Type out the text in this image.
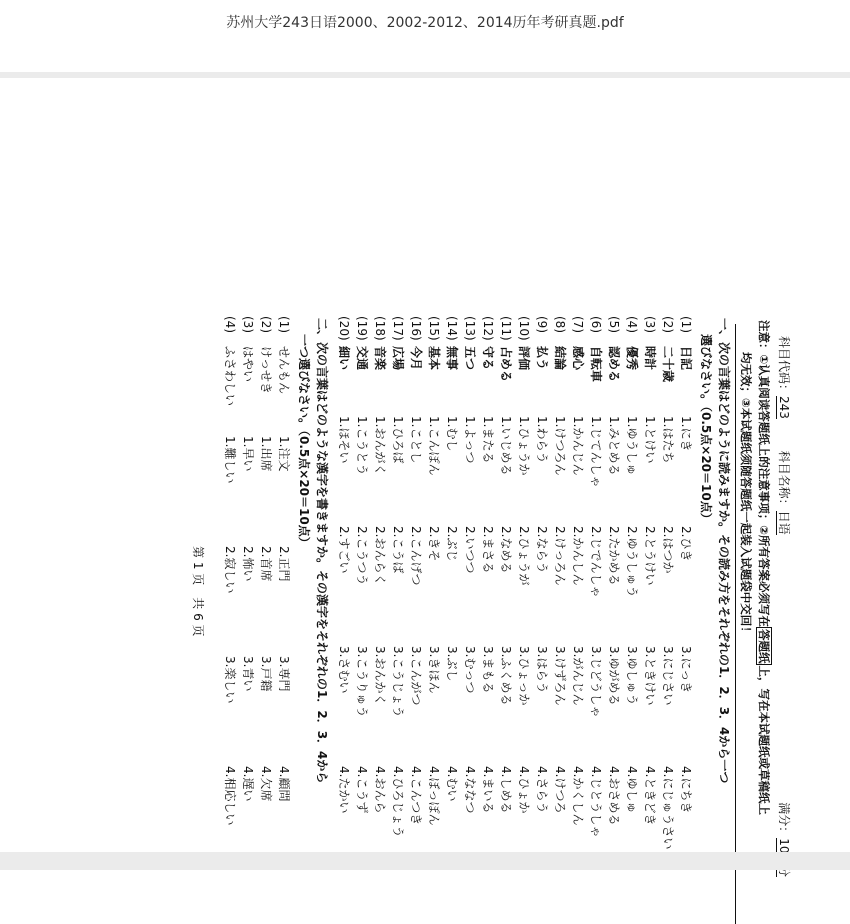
苏州大学243日语2000、2002-2012、2014历年考研真题.pdf
科目代码：243  科目名称：日语  满分：
注意：①认真阅读答题纸上的注意事项；②所有答案必须写在答题纸上，写在本试题纸或草稿纸上
均无效；③本试题纸须随答题纸一起装入试题袋中交回！
一、次の言葉はどのように読みますか。その読み方をそれぞれの1．2．3．4から一つ
選びなさい。（0.5点×20＝10点）
(1)
日記
1.にき
2.ひき
3.にっき
4.にちき
(2)
二十歳
1.はたち
2.はつか
3.にじさい
4.にじゅうさい
(3)
時計
1.とけい
2.とうけい
3.ときけい
4.ときどき
(4)
優秀
1.ゆうしゅ
2.ゆうしゅう
3.ゆしゅう
4.ゆしゅ
(5)
認める
1.みとめる
2.たかめる
3.ゆがめる
4.おさめる
(6)
自転車
1.じてんしゃ
2.じでんしゃ
3.じどうしゃ
4.じとうしゃ
(7)
感心
1.かんじん
2.かんしん
3.がんじん
4.かくしん
(8)
結論
1.けつろん
2.けっろん
3.けずろん
4.けつろ
(9)
払う
1.わらう
2.ならう
3.はらう
4.さらう
(10)
評価
1.ひょうか
2.ひょうが
3.ひょっか
4.ひょか
(11)
占める
1.いじめる
2.なめる
3.ふくめる
4.しめる
(12)
守る
1.またる
2.まさる
3.まもる
4.まいる
(13)
五つ
1.よっつ
2.いつつ
3.むっつ
4.ななつ
(14)
無事
1.むし
2.ぶじ
3.ぶし
4.むい
(15)
基本
1.こんぽん
2.きそ
3.きほん
4.ぼっぽん
(16)
今月
1.ことし
2.こんげつ
3.こんがつ
4.こんつき
(17)
広場
1.ひろば
2.こうば
3.こうじょう
4.ひろじょう
(18)
音楽
1.おんがく
2.おんらく
3.おんかく
4.おんら
(19)
交通
1.こうとう
2.こうつう
3.こうりゅう
4.こうず
(20)
細い
1.ほそい
2.すごい
3.さむい
4.たかい
二、次の言葉はどのような漢字を書きますか。その漢字をそれぞれの1．2．3．4から
一つ選びなさい。（0.5点×20＝10点）
(1)
せんもん
1.注文
2.正門
3.専門
4.顧問
(2)
けっせき
1.出席
2.首席
3.戸籍
4.欠席
(3)
はやい
1.早い
2.怖い
3.青い
4.遅い
(4)
ふさわしい
1.難しい
2.寂しい
3.楽しい
4.相応しい
第 1 页　共 6 页
